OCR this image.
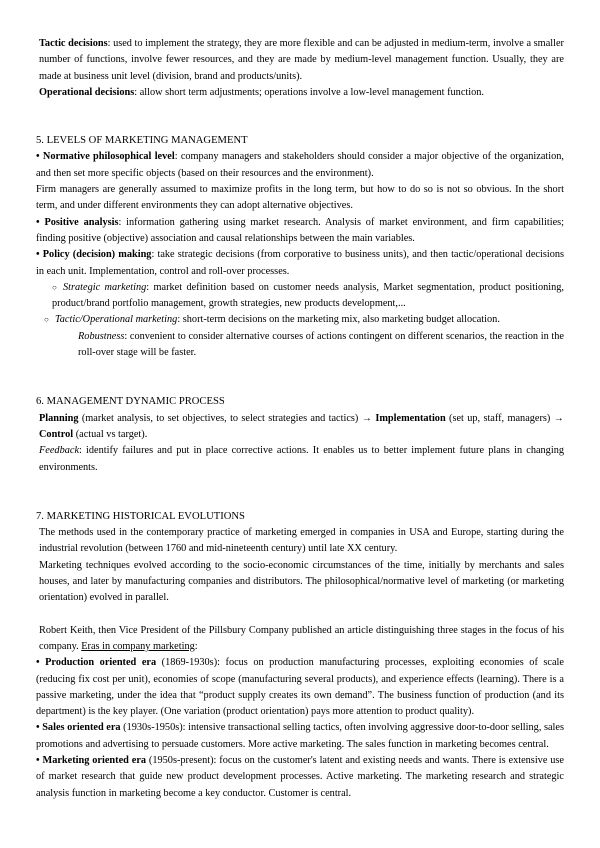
Tactic decisions: used to implement the strategy, they are more flexible and can be adjusted in medium-term, involve a smaller number of functions, involve fewer resources, and they are made by medium-level management function. Usually, they are made at business unit level (division, brand and products/units).

Operational decisions: allow short term adjustments; operations involve a low-level management function.

5. LEVELS OF MARKETING MANAGEMENT

• Normative philosophical level: company managers and stakeholders should consider a major objective of the organization, and then set more specific objects (based on their resources and the environment).

Firm managers are generally assumed to maximize profits in the long term, but how to do so is not so obvious. In the short term, and under different environments they can adopt alternative objectives.

• Positive analysis: information gathering using market research. Analysis of market environment, and firm capabilities; finding positive (objective) association and causal relationships between the main variables.

• Policy (decision) making: take strategic decisions (from corporative to business units), and then tactic/operational decisions in each unit. Implementation, control and roll-over processes.

○ Strategic marketing: market definition based on customer needs analysis, Market segmentation, product positioning, product/brand portfolio management, growth strategies, new products development,...

○ Tactic/Operational marketing: short-term decisions on the marketing mix, also marketing budget allocation.

Robustness: convenient to consider alternative courses of actions contingent on different scenarios, the reaction in the roll-over stage will be faster.

6. MANAGEMENT DYNAMIC PROCESS

Planning (market analysis, to set objectives, to select strategies and tactics) → Implementation (set up, staff, managers) → Control (actual vs target).

Feedback: identify failures and put in place corrective actions. It enables us to better implement future plans in changing environments.

7. MARKETING HISTORICAL EVOLUTIONS

The methods used in the contemporary practice of marketing emerged in companies in USA and Europe, starting during the industrial revolution (between 1760 and mid-nineteenth century) until late XX century.

Marketing techniques evolved according to the socio-economic circumstances of the time, initially by merchants and sales houses, and later by manufacturing companies and distributors. The philosophical/normative level of marketing (or marketing orientation) evolved in parallel.

Robert Keith, then Vice President of the Pillsbury Company published an article distinguishing three stages in the focus of his company. Eras in company marketing:

• Production oriented era (1869-1930s): focus on production manufacturing processes, exploiting economies of scale (reducing fix cost per unit), economies of scope (manufacturing several products), and experience effects (learning). There is a passive marketing, under the idea that “product supply creates its own demand”. The business function of production (and its department) is the key player. (One variation (product orientation) pays more attention to product quality).

• Sales oriented era (1930s-1950s): intensive transactional selling tactics, often involving aggressive door-to-door selling, sales promotions and advertising to persuade customers. More active marketing. The sales function in marketing becomes central.

• Marketing oriented era (1950s-present): focus on the customer's latent and existing needs and wants. There is extensive use of market research that guide new product development processes. Active marketing. The marketing research and strategic analysis function in marketing become a key conductor. Customer is central.
